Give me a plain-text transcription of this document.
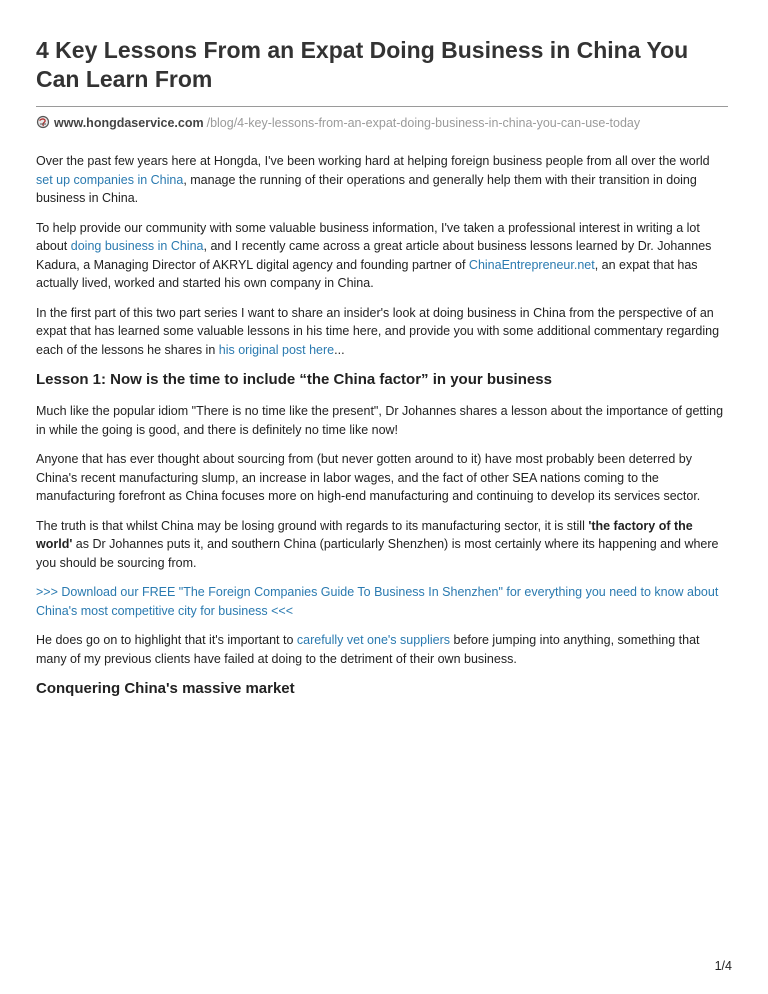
4 Key Lessons From an Expat Doing Business in China You Can Learn From
www.hongdaservice.com /blog/4-key-lessons-from-an-expat-doing-business-in-china-you-can-use-today

Over the past few years here at Hongda, I've been working hard at helping foreign business people from all over the world set up companies in China, manage the running of their operations and generally help them with their transition in doing business in China.

To help provide our community with some valuable business information, I've taken a professional interest in writing a lot about doing business in China, and I recently came across a great article about business lessons learned by Dr. Johannes Kadura, a Managing Director of AKRYL digital agency and founding partner of ChinaEntrepreneur.net, an expat that has actually lived, worked and started his own company in China.

In the first part of this two part series I want to share an insider's look at doing business in China from the perspective of an expat that has learned some valuable lessons in his time here, and provide you with some additional commentary regarding each of the lessons he shares in his original post here...

Lesson 1: Now is the time to include “the China factor” in your business

Much like the popular idiom "There is no time like the present", Dr Johannes shares a lesson about the importance of getting in while the going is good, and there is definitely no time like now!

Anyone that has ever thought about sourcing from (but never gotten around to it) have most probably been deterred by China's recent manufacturing slump, an increase in labor wages, and the fact of other SEA nations coming to the manufacturing forefront as China focuses more on high-end manufacturing and continuing to develop its services sector.

The truth is that whilst China may be losing ground with regards to its manufacturing sector, it is still 'the factory of the world' as Dr Johannes puts it, and southern China (particularly Shenzhen) is most certainly where its happening and where you should be sourcing from.

>>> Download our FREE "The Foreign Companies Guide To Business In Shenzhen" for everything you need to know about China's most competitive city for business <<<

He does go on to highlight that it's important to carefully vet one's suppliers before jumping into anything, something that many of my previous clients have failed at doing to the detriment of their own business.

Conquering China's massive market
1/4
